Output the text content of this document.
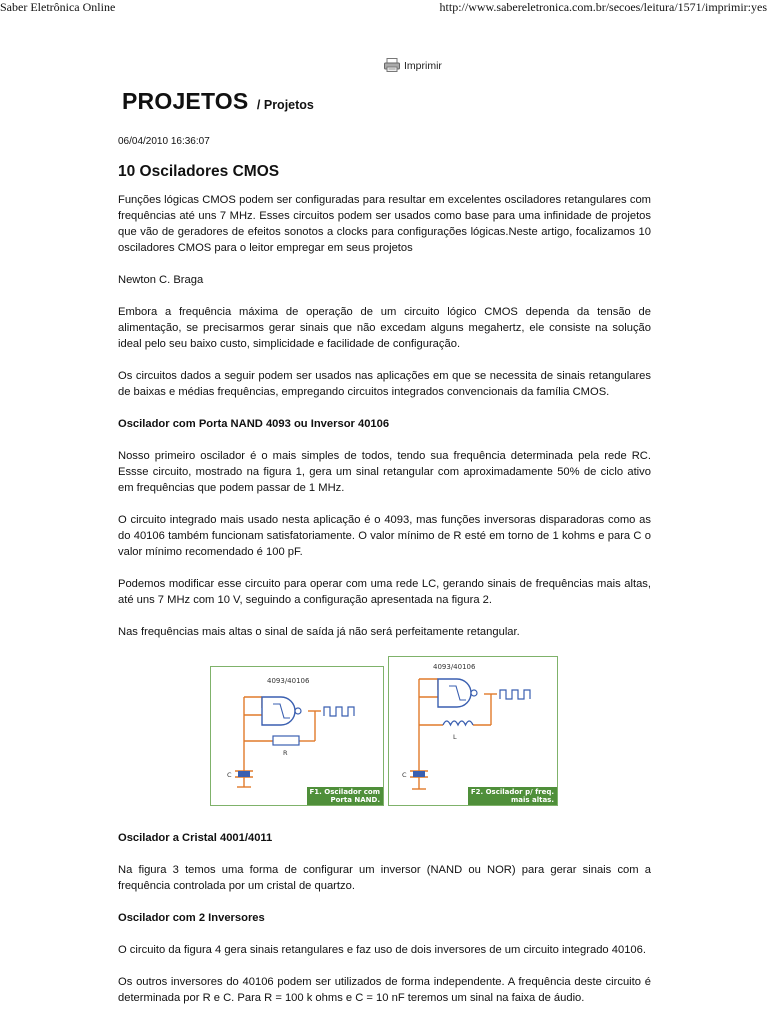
Saber Eletrônica Online	http://www.sabereletronica.com.br/secoes/leitura/1571/imprimir:yes
Imprimir
PROJETOS / Projetos

06/04/2010 16:36:07

10 Osciladores CMOS

Funções lógicas CMOS podem ser configuradas para resultar em excelentes osciladores retangulares com frequências até uns 7 MHz. Esses circuitos podem ser usados como base para uma infinidade de projetos que vão de geradores de efeitos sonotos a clocks para configurações lógicas.Neste artigo, focalizamos 10 osciladores CMOS para o leitor empregar em seus projetos

Newton C. Braga

Embora a frequência máxima de operação de um circuito lógico CMOS dependa da tensão de alimentação, se precisarmos gerar sinais que não excedam alguns megahertz, ele consiste na solução ideal pelo seu baixo custo, simplicidade e facilidade de configuração.

Os circuitos dados a seguir podem ser usados nas aplicações em que se necessita de sinais retangulares de baixas e médias frequências, empregando circuitos integrados convencionais da família CMOS.

Oscilador com Porta NAND 4093 ou Inversor 40106

Nosso primeiro oscilador é o mais simples de todos, tendo sua frequência determinada pela rede RC. Essse circuito, mostrado na figura 1, gera um sinal retangular com aproximadamente 50% de ciclo ativo em frequências que podem passar de 1 MHz.

O circuito integrado mais usado nesta aplicação é o 4093, mas funções inversoras disparadoras como as do 40106 também funcionam satisfatoriamente. O valor mínimo de R esté em torno de 1 kohms e para C o valor mínimo recomendado é 100 pF.

Podemos modificar esse circuito para operar com uma rede LC, gerando sinais de frequências mais altas, até uns 7 MHz com 10 V, seguindo a configuração apresentada na figura 2.

Nas frequências mais altas o sinal de saída já não será perfeitamente retangular.

4093/40106
R
C
F1. Oscilador com
Porta NAND.
4093/40106
L
C
F2. Oscilador p/ freq.
mais altas.

Oscilador a Cristal 4001/4011

Na figura 3 temos uma forma de configurar um inversor (NAND ou NOR) para gerar sinais com a frequência controlada por um cristal de quartzo.

Oscilador com 2 Inversores

O circuito da figura 4 gera sinais retangulares e faz uso de dois inversores de um circuito integrado 40106.

Os outros inversores do 40106 podem ser utilizados de forma independente. A frequência deste circuito é determinada por R e C. Para R = 100 k ohms e C = 10 nF teremos um sinal na faixa de áudio.
